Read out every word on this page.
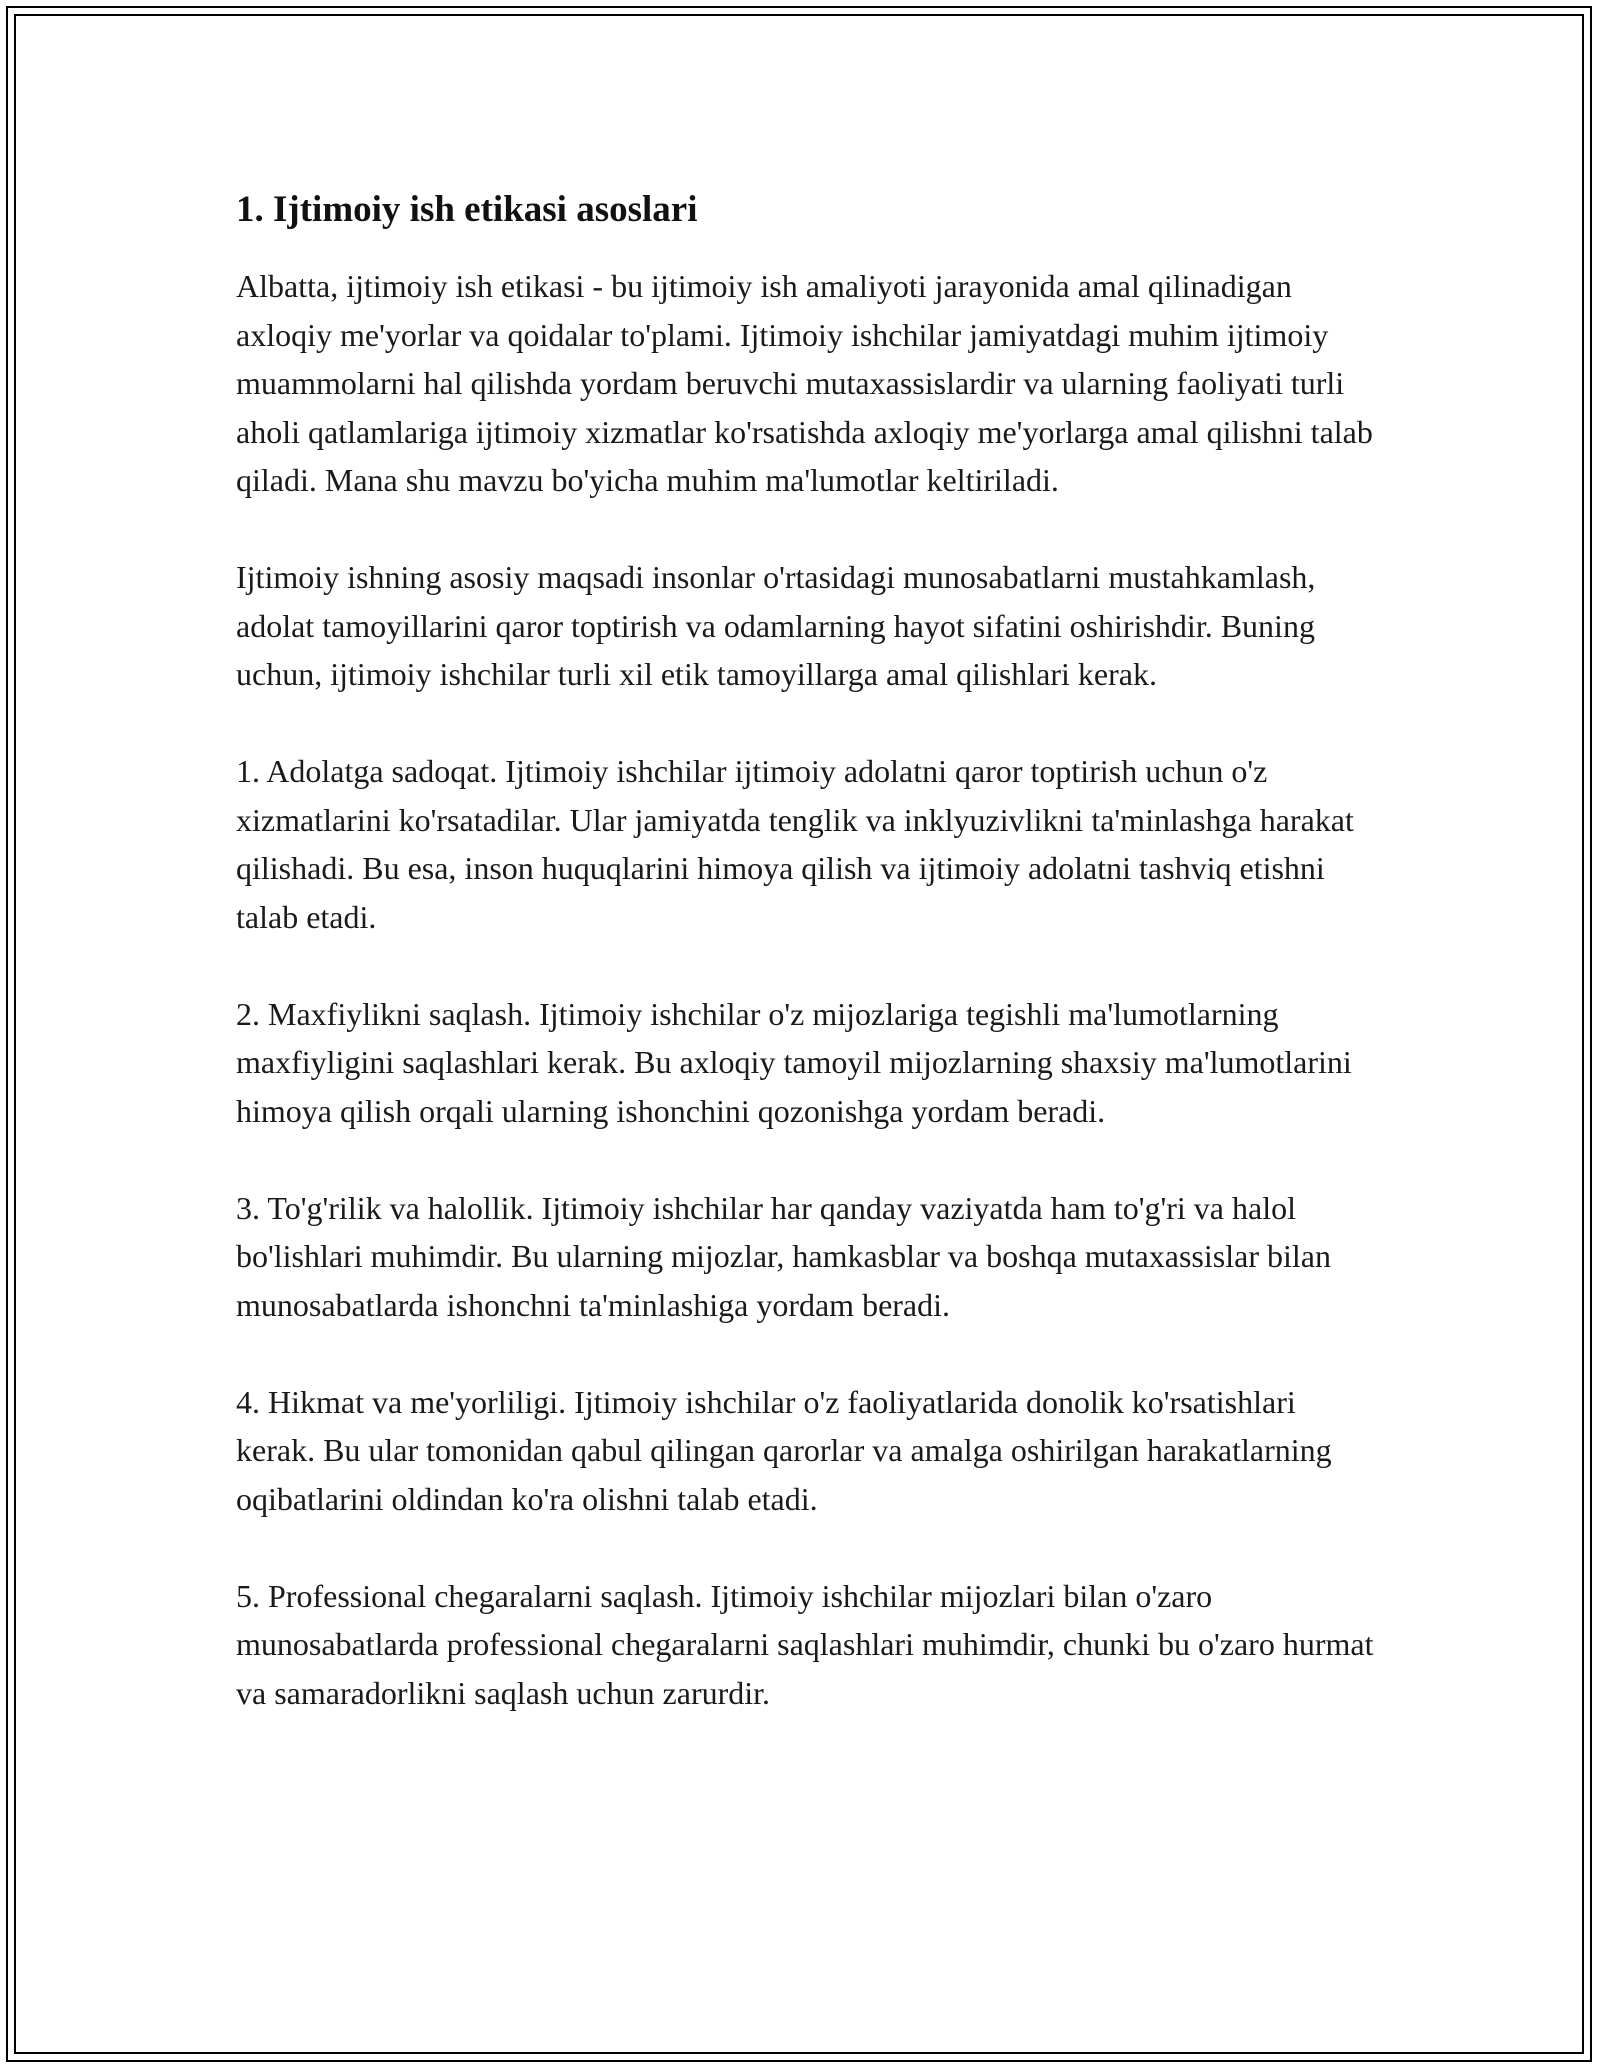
1. Ijtimoiy ish etikasi asoslari

Albatta, ijtimoiy ish etikasi - bu ijtimoiy ish amaliyoti jarayonida amal qilinadigan axloqiy me'yorlar va qoidalar to'plami. Ijtimoiy ishchilar jamiyatdagi muhim ijtimoiy muammolarni hal qilishda yordam beruvchi mutaxassislardir va ularning faoliyati turli aholi qatlamlariga ijtimoiy xizmatlar ko'rsatishda axloqiy me'yorlarga amal qilishni talab qiladi. Mana shu mavzu bo'yicha muhim ma'lumotlar keltiriladi.

Ijtimoiy ishning asosiy maqsadi insonlar o'rtasidagi munosabatlarni mustahkamlash, adolat tamoyillarini qaror toptirish va odamlarning hayot sifatini oshirishdir. Buning uchun, ijtimoiy ishchilar turli xil etik tamoyillarga amal qilishlari kerak.

1. Adolatga sadoqat. Ijtimoiy ishchilar ijtimoiy adolatni qaror toptirish uchun o'z xizmatlarini ko'rsatadilar. Ular jamiyatda tenglik va inklyuzivlikni ta'minlashga harakat qilishadi. Bu esa, inson huquqlarini himoya qilish va ijtimoiy adolatni tashviq etishni talab etadi.

2. Maxfiylikni saqlash. Ijtimoiy ishchilar o'z mijozlariga tegishli ma'lumotlarning maxfiyligini saqlashlari kerak. Bu axloqiy tamoyil mijozlarning shaxsiy ma'lumotlarini himoya qilish orqali ularning ishonchini qozonishga yordam beradi.

3. To'g'rilik va halollik. Ijtimoiy ishchilar har qanday vaziyatda ham to'g'ri va halol bo'lishlari muhimdir. Bu ularning mijozlar, hamkasblar va boshqa mutaxassislar bilan munosabatlarda ishonchni ta'minlashiga yordam beradi.

4. Hikmat va me'yorliligi. Ijtimoiy ishchilar o'z faoliyatlarida donolik ko'rsatishlari kerak. Bu ular tomonidan qabul qilingan qarorlar va amalga oshirilgan harakatlarning oqibatlarini oldindan ko'ra olishni talab etadi.

5. Professional chegaralarni saqlash. Ijtimoiy ishchilar mijozlari bilan o'zaro munosabatlarda professional chegaralarni saqlashlari muhimdir, chunki bu o'zaro hurmat va samaradorlikni saqlash uchun zarurdir.
